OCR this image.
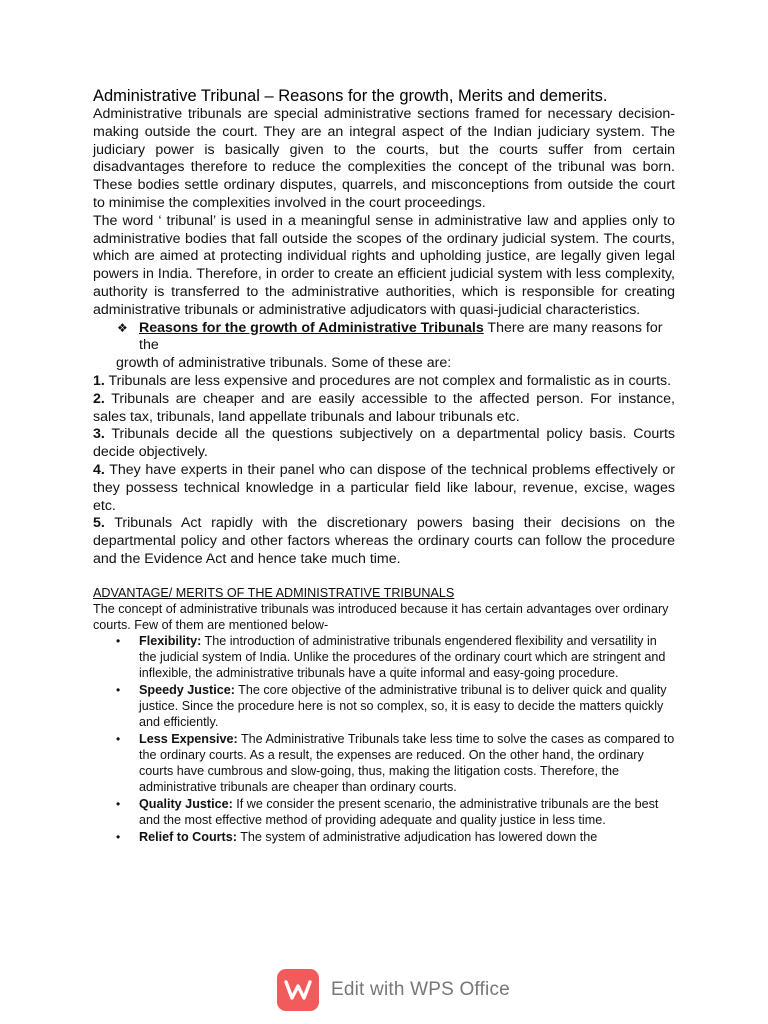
Administrative Tribunal – Reasons for the growth, Merits and demerits.

Administrative tribunals are special administrative sections framed for necessary decision-making outside the court. They are an integral aspect of the Indian judiciary system. The judiciary power is basically given to the courts, but the courts suffer from certain disadvantages therefore to reduce the complexities the concept of the tribunal was born. These bodies settle ordinary disputes, quarrels, and misconceptions from outside the court to minimise the complexities involved in the court proceedings.

The word ‘ tribunal’ is used in a meaningful sense in administrative law and applies only to administrative bodies that fall outside the scopes of the ordinary judicial system. The courts, which are aimed at protecting individual rights and upholding justice, are legally given legal powers in India. Therefore, in order to create an efficient judicial system with less complexity, authority is transferred to the administrative authorities, which is responsible for creating administrative tribunals or administrative adjudicators with quasi-judicial characteristics.

❖ Reasons for the growth of Administrative Tribunals There are many reasons for the

growth of administrative tribunals. Some of these are:

1. Tribunals are less expensive and procedures are not complex and formalistic as in courts.

2. Tribunals are cheaper and are easily accessible to the affected person. For instance, sales tax, tribunals, land appellate tribunals and labour tribunals etc.

3. Tribunals decide all the questions subjectively on a departmental policy basis. Courts decide objectively.

4. They have experts in their panel who can dispose of the technical problems effectively or they possess technical knowledge in a particular field like labour, revenue, excise, wages etc.

5. Tribunals Act rapidly with the discretionary powers basing their decisions on the departmental policy and other factors whereas the ordinary courts can follow the procedure and the Evidence Act and hence take much time.

ADVANTAGE/ MERITS OF THE ADMINISTRATIVE TRIBUNALS

The concept of administrative tribunals was introduced because it has certain advantages over ordinary courts. Few of them are mentioned below-

• Flexibility: The introduction of administrative tribunals engendered flexibility and versatility in the judicial system of India. Unlike the procedures of the ordinary court which are stringent and inflexible, the administrative tribunals have a quite informal and easy-going procedure.
• Speedy Justice: The core objective of the administrative tribunal is to deliver quick and quality justice. Since the procedure here is not so complex, so, it is easy to decide the matters quickly and efficiently.
• Less Expensive: The Administrative Tribunals take less time to solve the cases as compared to the ordinary courts. As a result, the expenses are reduced. On the other hand, the ordinary courts have cumbrous and slow-going, thus, making the litigation costs. Therefore, the administrative tribunals are cheaper than ordinary courts.
• Quality Justice: If we consider the present scenario, the administrative tribunals are the best and the most effective method of providing adequate and quality justice in less time.
• Relief to Courts: The system of administrative adjudication has lowered down the
Edit with WPS Office
